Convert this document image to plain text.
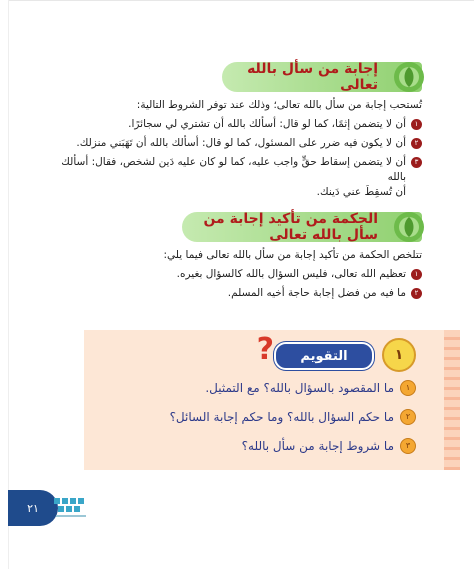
إجابة من سأل بالله تعالى
تُستحب إجابة من سأل بالله تعالى؛ وذلك عند توفر الشروط التالية:
١
أن لا يتضمن إثمًا، كما لو قال: أسألك بالله أن تشتري لي سجائرًا.
٢
أن لا يكون فيه ضرر على المسئول، كما لو قال: أسألك بالله أن تَهَبَني منزلك.
٣
أن لا يتضمن إسقاط حقٍّ واجب عليه، كما لو كان عليه دَين لشخص، فقال: أسألك بالله
أن تُسقِطَ عني دَينك.
الحكمة من تأكيد إجابة من سأل بالله تعالى
تتلخص الحكمة من تأكيد إجابة من سأل بالله تعالى فيما يلي:
١
تعظيم الله تعالى، فليس السؤال بالله كالسؤال بغيره.
٢
ما فيه من فضل إجابة حاجة أخيه المسلم.
١
التقويم
?
١
ما المقصود بالسؤال بالله؟ مع التمثيل.
٢
ما حكم السؤال بالله؟ وما حكم إجابة السائل؟
٣
ما شروط إجابة من سأل بالله؟
٢١
